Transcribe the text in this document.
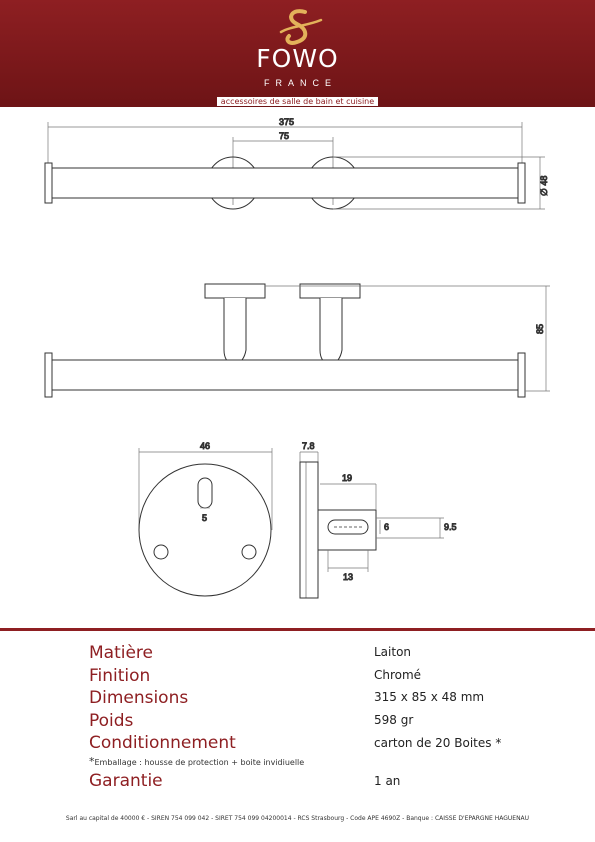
FOWO
FRANCE
accessoires de salle de bain et cuisine
375
75
∅ 48
85
46
5
7.8
19
6	9.5
13
Matière	Laiton
Finition	Chromé
Dimensions	315 x 85 x 48 mm
Poids	598 gr
Conditionnement	carton de 20 Boites *
*Emballage : housse de protection + boite invidiuelle
Garantie	1 an
Sarl au capital de 40000 € - SIREN 754 099 042 - SIRET 754 099 04200014 - RCS Strasbourg - Code APE 4690Z - Banque : CAISSE D'EPARGNE HAGUENAU
